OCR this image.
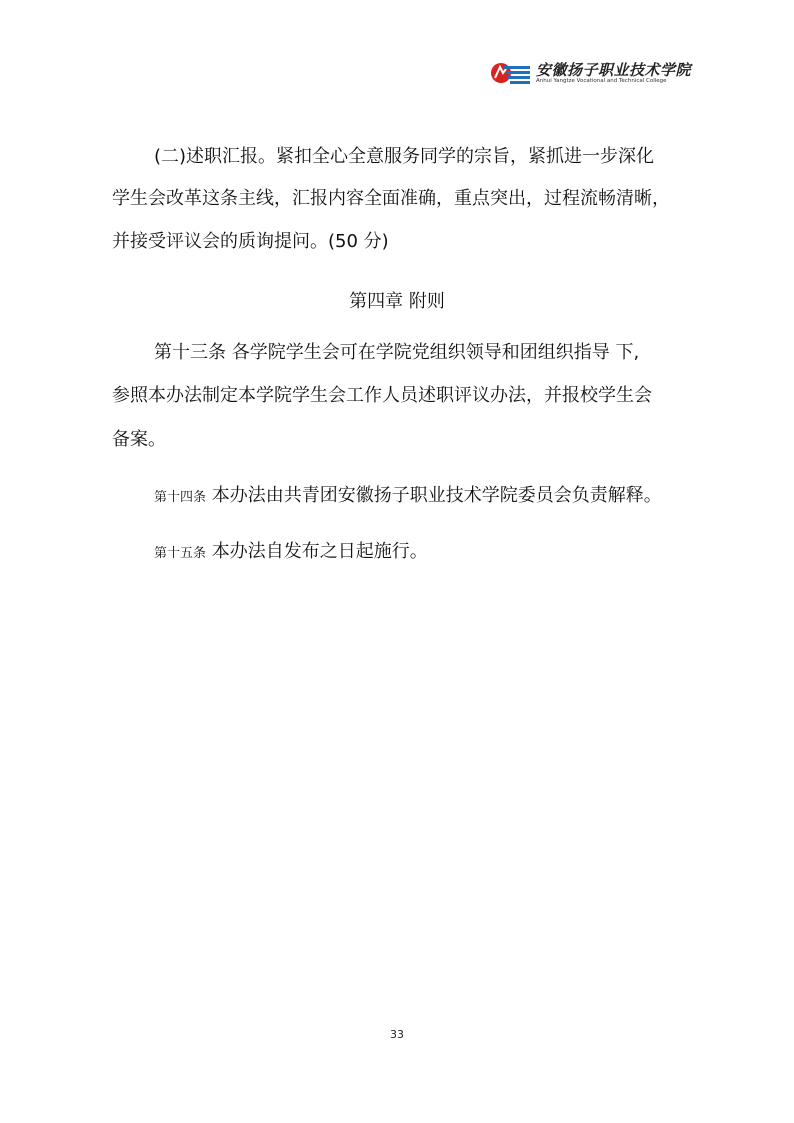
安徽扬子职业技术学院
Anhui Yangtze Vocational and Technical College
(二)述职汇报。紧扣全心全意服务同学的宗旨，紧抓进一步深化
学生会改革这条主线，汇报内容全面准确，重点突出，过程流畅清晰，
并接受评议会的质询提问。(50 分)
第四章 附则
第十三条 各学院学生会可在学院党组织领导和团组织指导 下,
参照本办法制定本学院学生会工作人员述职评议办法，并报校学生会
备案。
第十四条 本办法由共青团安徽扬子职业技术学院委员会负责解释。
第十五条 本办法自发布之日起施行。
33
